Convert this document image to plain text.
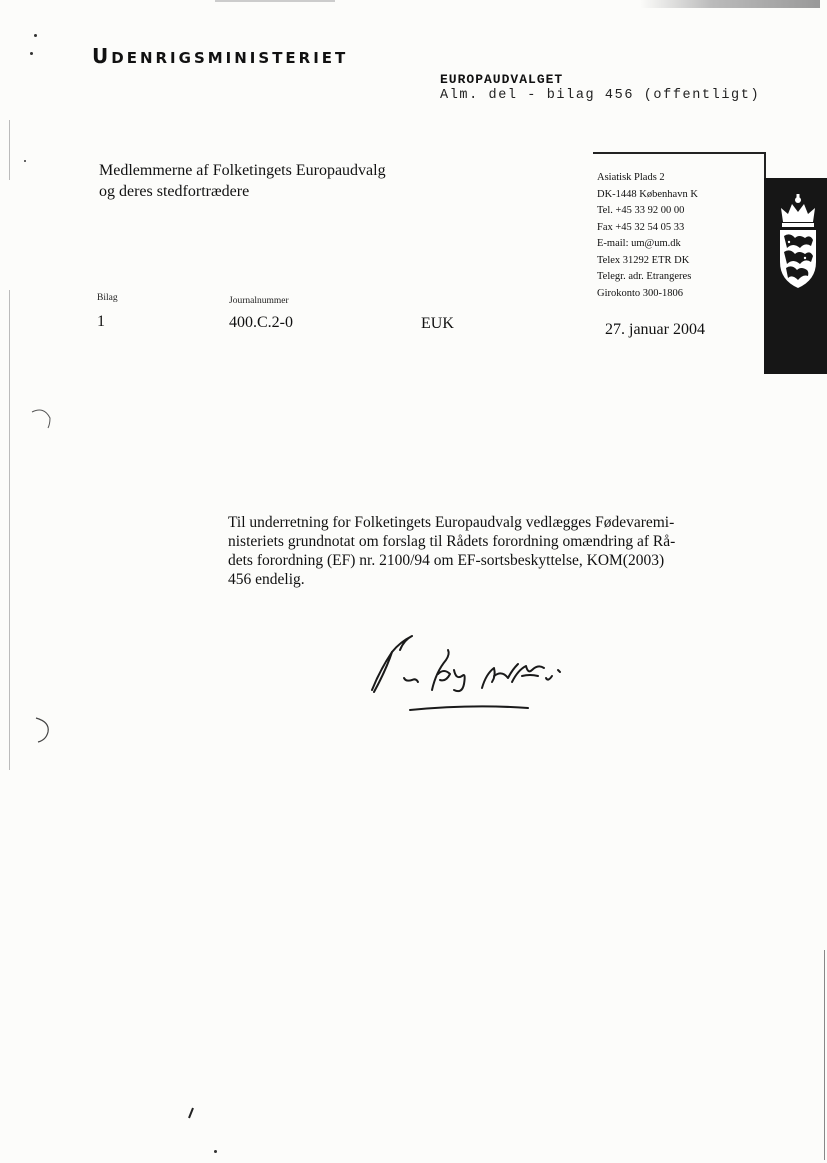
UDENRIGSMINISTERIET
EUROPAUDVALGET
Alm. del - bilag 456 (offentligt)
Medlemmerne af Folketingets Europaudvalg
og deres stedfortrædere
Asiatisk Plads 2
DK-1448 København K
Tel. +45 33 92 00 00
Fax +45 32 54 05 33
E-mail: um@um.dk
Telex 31292 ETR DK
Telegr. adr. Etrangeres
Girokonto 300-1806
Bilag
1
Journalnummer
400.C.2-0	EUK	27. januar 2004
Til underretning for Folketingets Europaudvalg vedlægges Fødevaremi-
nisteriets grundnotat om forslag til Rådets forordning omændring af Rå-
dets forordning (EF) nr. 2100/94 om EF-sortsbeskyttelse, KOM(2003)
456 endelig.
